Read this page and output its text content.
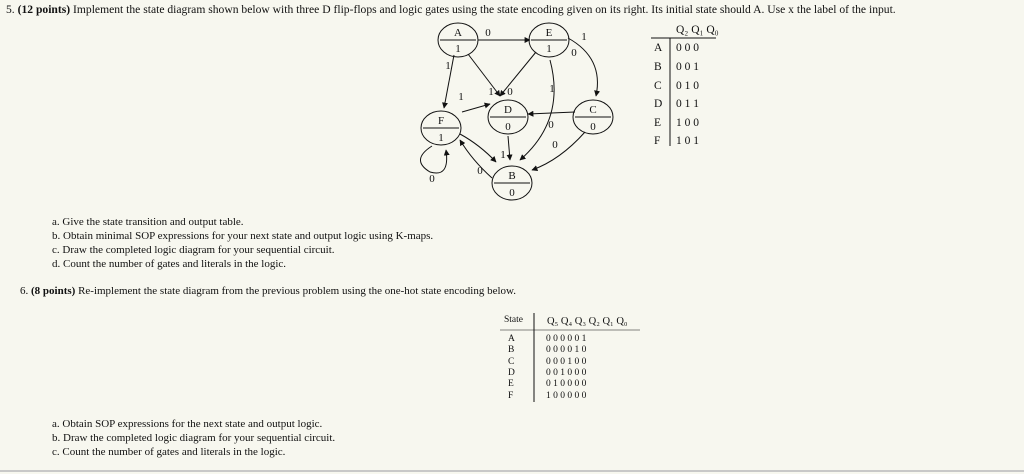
5. (12 points) Implement the state diagram shown below with three D flip-flops and logic gates using the state encoding given on its right. Its initial state should A. Use x the label of the input.
A
1
E
1
D
0
C
0
F
1
B
0
0	1
0
1
1 1 0
0
0
1
0
0
1
Q₂ Q₁ Q₀
A 0 0 0
B 0 0 1
C 0 1 0
D 0 1 1
E 1 0 0
F 1 0 1
State Q₅ Q₄ Q₃ Q₂ Q₁ Q₀
A	0 0 0 0 0 1
B	0 0 0 0 1 0
C	0 0 0 1 0 0
D	0 0 1 0 0 0
E	0 1 0 0 0 0
F	1 0 0 0 0 0
a. Give the state transition and output table.
b. Obtain minimal SOP expressions for your next state and output logic using K-maps.
c. Draw the completed logic diagram for your sequential circuit.
d. Count the number of gates and literals in the logic.
6. (8 points) Re-implement the state diagram from the previous problem using the one-hot state encoding below.
a. Obtain SOP expressions for the next state and output logic.
b. Draw the completed logic diagram for your sequential circuit.
c. Count the number of gates and literals in the logic.
